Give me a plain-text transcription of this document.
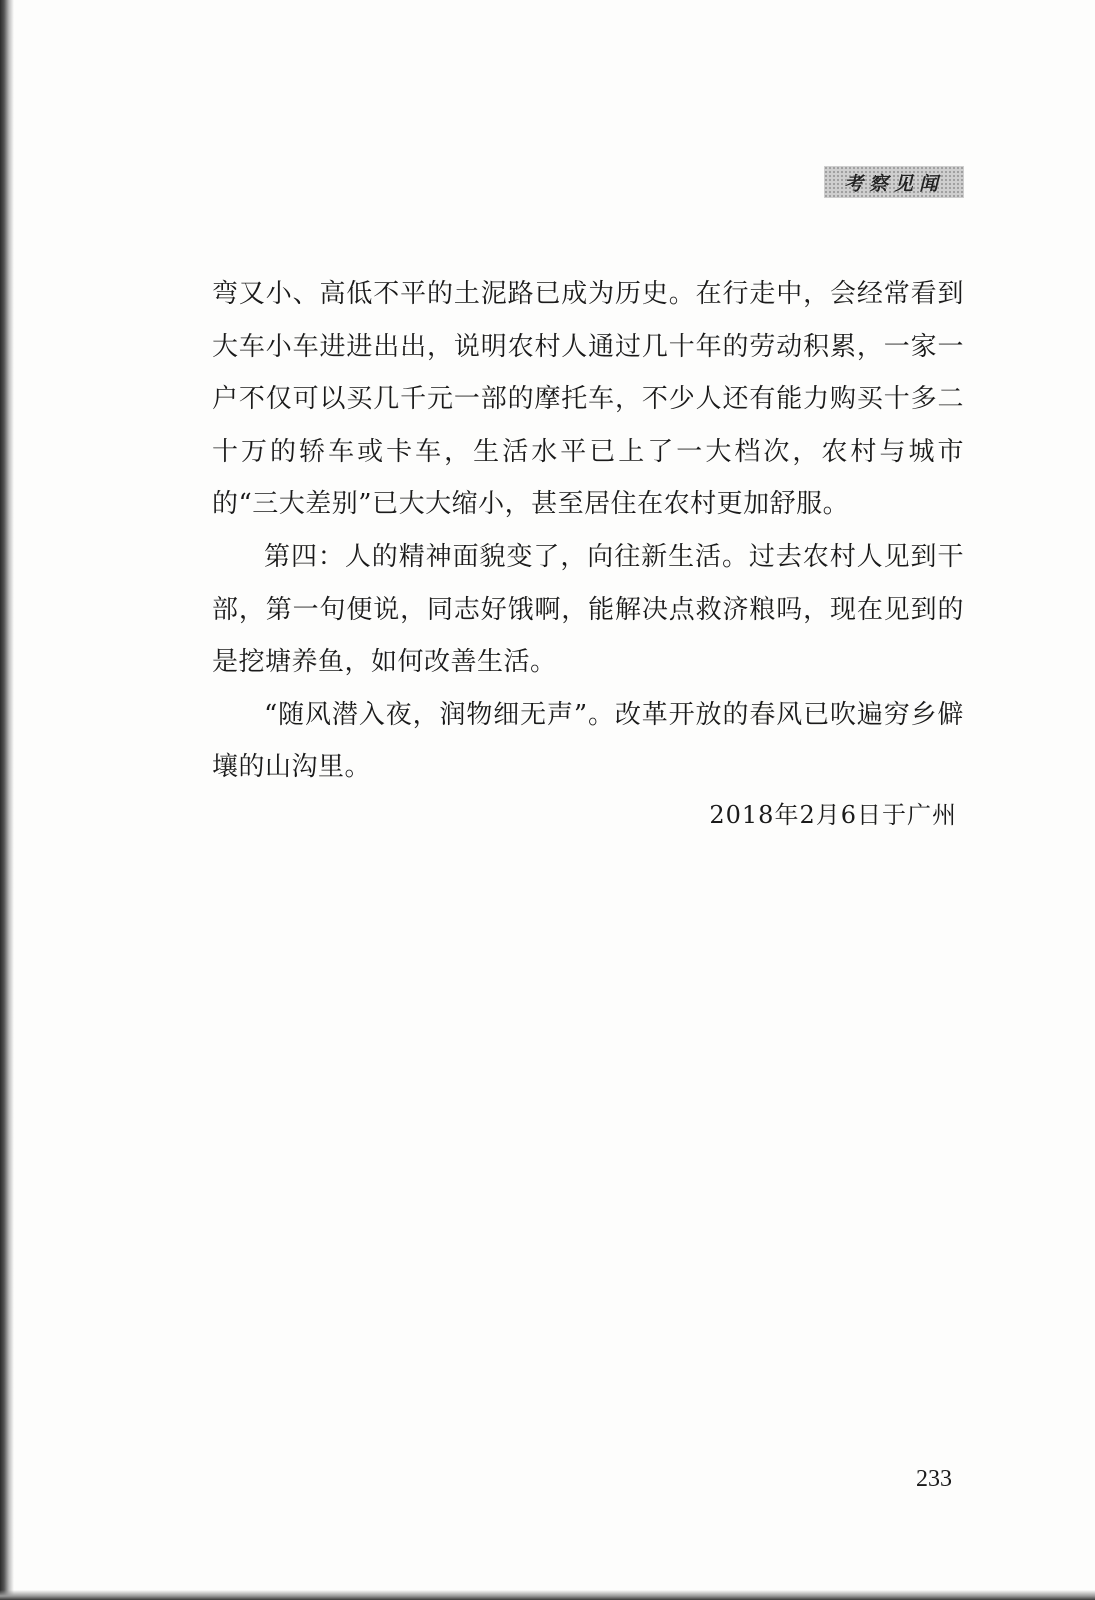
考察见闻

弯又小、高低不平的土泥路已成为历史。在行走中，会经常看到大车小车进进出出，说明农村人通过几十年的劳动积累，一家一户不仅可以买几千元一部的摩托车，不少人还有能力购买十多二十万的轿车或卡车，生活水平已上了一大档次，农村与城市的“三大差别”已大大缩小，甚至居住在农村更加舒服。

第四：人的精神面貌变了，向往新生活。过去农村人见到干部，第一句便说，同志好饿啊，能解决点救济粮吗，现在见到的是挖塘养鱼，如何改善生活。

“随风潜入夜，润物细无声”。改革开放的春风已吹遍穷乡僻壤的山沟里。

2018年2月6日于广州
233
